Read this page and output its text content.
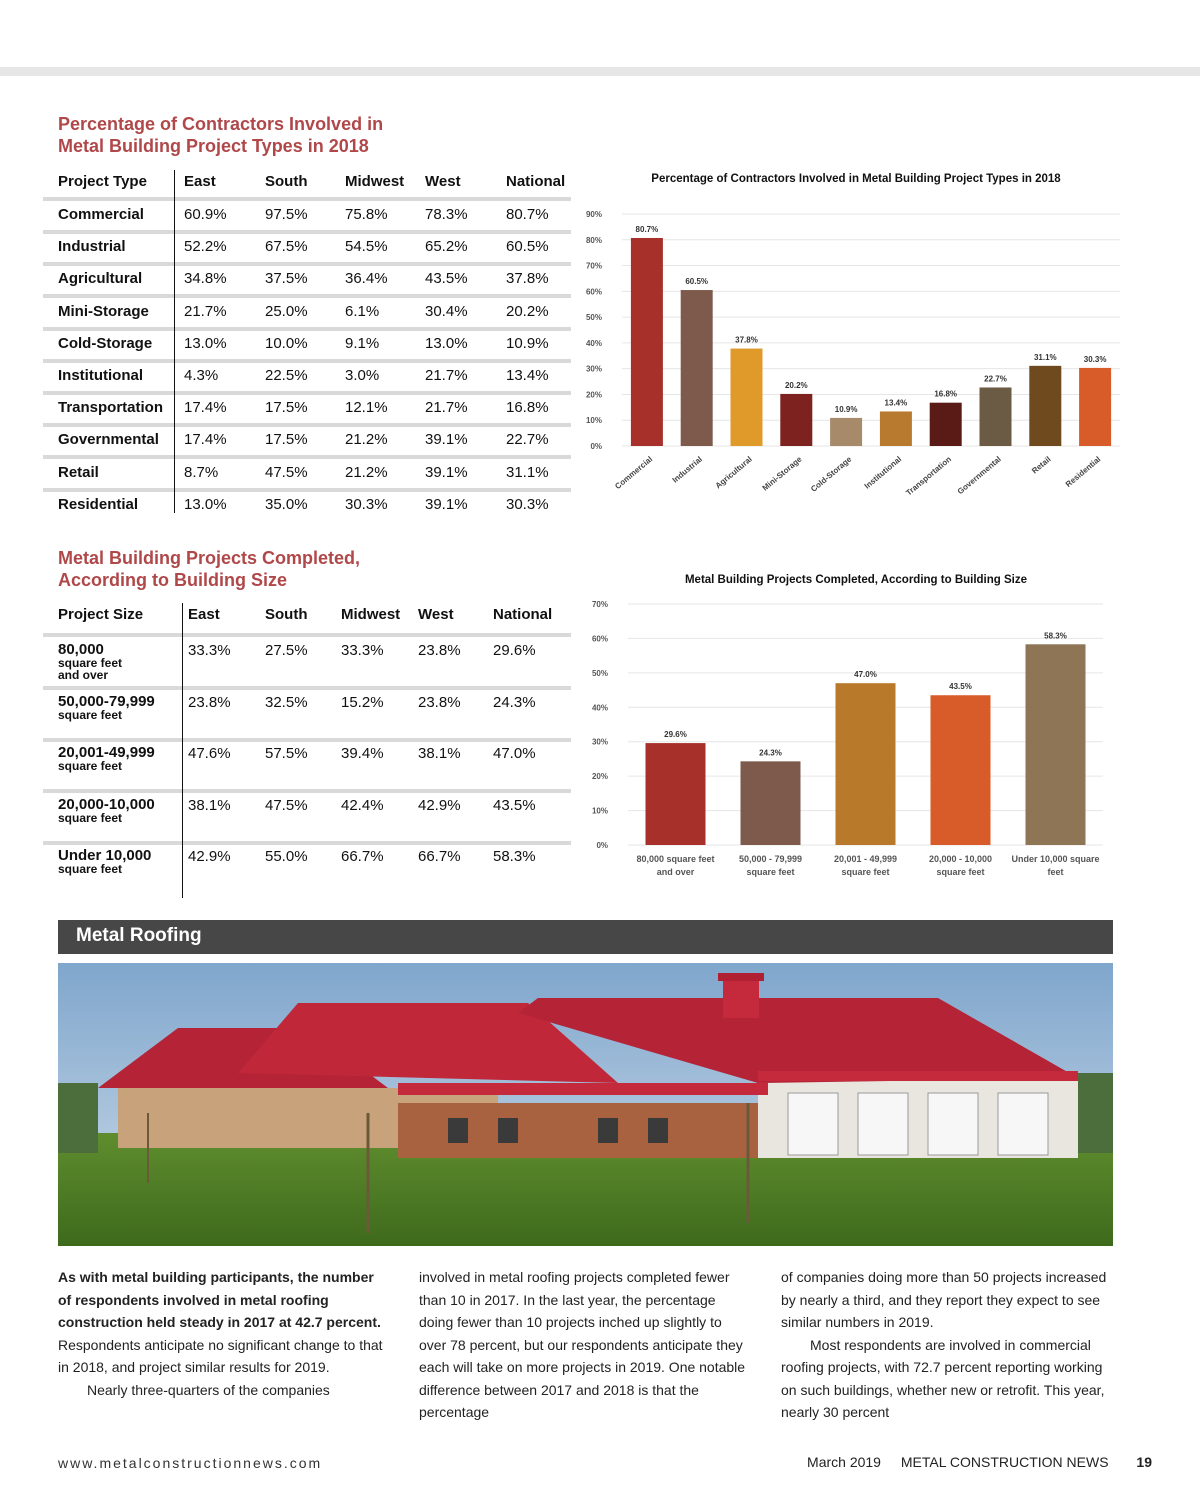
Percentage of Contractors Involved in
Metal Building Project Types in 2018
Project Type East	South	Midwest West	National
Commercial	60.9%	97.5% 75.8% 78.3%	80.7%
Industrial	52.2%	67.5% 54.5% 65.2%	60.5%
Agricultural	34.8%	37.5% 36.4% 43.5%	37.8%
Mini-Storage 21.7%	25.0% 6.1%	30.4%	20.2%
Cold-Storage 13.0%	10.0% 9.1%	13.0%	10.9%
Institutional	4.3%	22.5% 3.0%	21.7%	13.4%
Transportation 17.4%	17.5% 12.1% 21.7%	16.8%
Governmental 17.4%	17.5% 21.2% 39.1%	22.7%
Retail	8.7%	47.5% 21.2% 39.1%	31.1%
Residential	13.0%	35.0% 30.3% 39.1%	30.3%
Metal Building Projects Completed,
According to Building Size
Project Size	East	South Midwest West	National
80,000
square feet
and over
33.3% 27.5% 33.3% 23.8% 29.6%
50,000-79,999
square feet
23.8% 32.5% 15.2% 23.8% 24.3%
20,001-49,999
square feet
47.6% 57.5% 39.4% 38.1% 47.0%
20,000-10,000
square feet
38.1% 47.5% 42.4% 42.9% 43.5%
Under 10,000
square feet
42.9% 55.0% 66.7% 66.7% 58.3%
Percentage of Contractors Involved in Metal Building Project Types in 2018
0%
10%
20%
30%
40%
50%
60%
70%
80%
90%
80.7%
Commercial
60.5%
Industrial
37.8%
Agricultural
20.2%
Mini-Storage
10.9%
Cold-Storage
13.4%
Institutional
16.8%
Transportation
22.7%
Governmental
31.1%
Retail
30.3%
Residential
Metal Building Projects Completed, According to Building Size
0%
10%
20%
30%
40%
50%
60%
70%
29.6%
80,000 square feet
and over
24.3%
50,000 - 79,999
square feet
47.0%
20,001 - 49,999
square feet
43.5%
20,000 - 10,000
square feet
58.3%
Under 10,000 square
feet
Metal Roofing

As with metal building participants, the number of respondents involved in metal roofing construction held steady in 2017 at 42.7 percent. Respondents anticipate no significant change to that in 2018, and project similar results for 2019.

Nearly three-quarters of the companies

involved in metal roofing projects completed fewer than 10 in 2017. In the last year, the percentage doing fewer than 10 projects inched up slightly to over 78 percent, but our respondents anticipate they each will take on more projects in 2019. One notable difference between 2017 and 2018 is that the percentage

of companies doing more than 50 projects increased by nearly a third, and they report they expect to see similar numbers in 2019.

Most respondents are involved in commercial roofing projects, with 72.7 percent reporting working on such buildings, whether new or retrofit. This year, nearly 30 percent

www.metalconstructionnews.com	March 2019 METAL CONSTRUCTION NEWS 19
